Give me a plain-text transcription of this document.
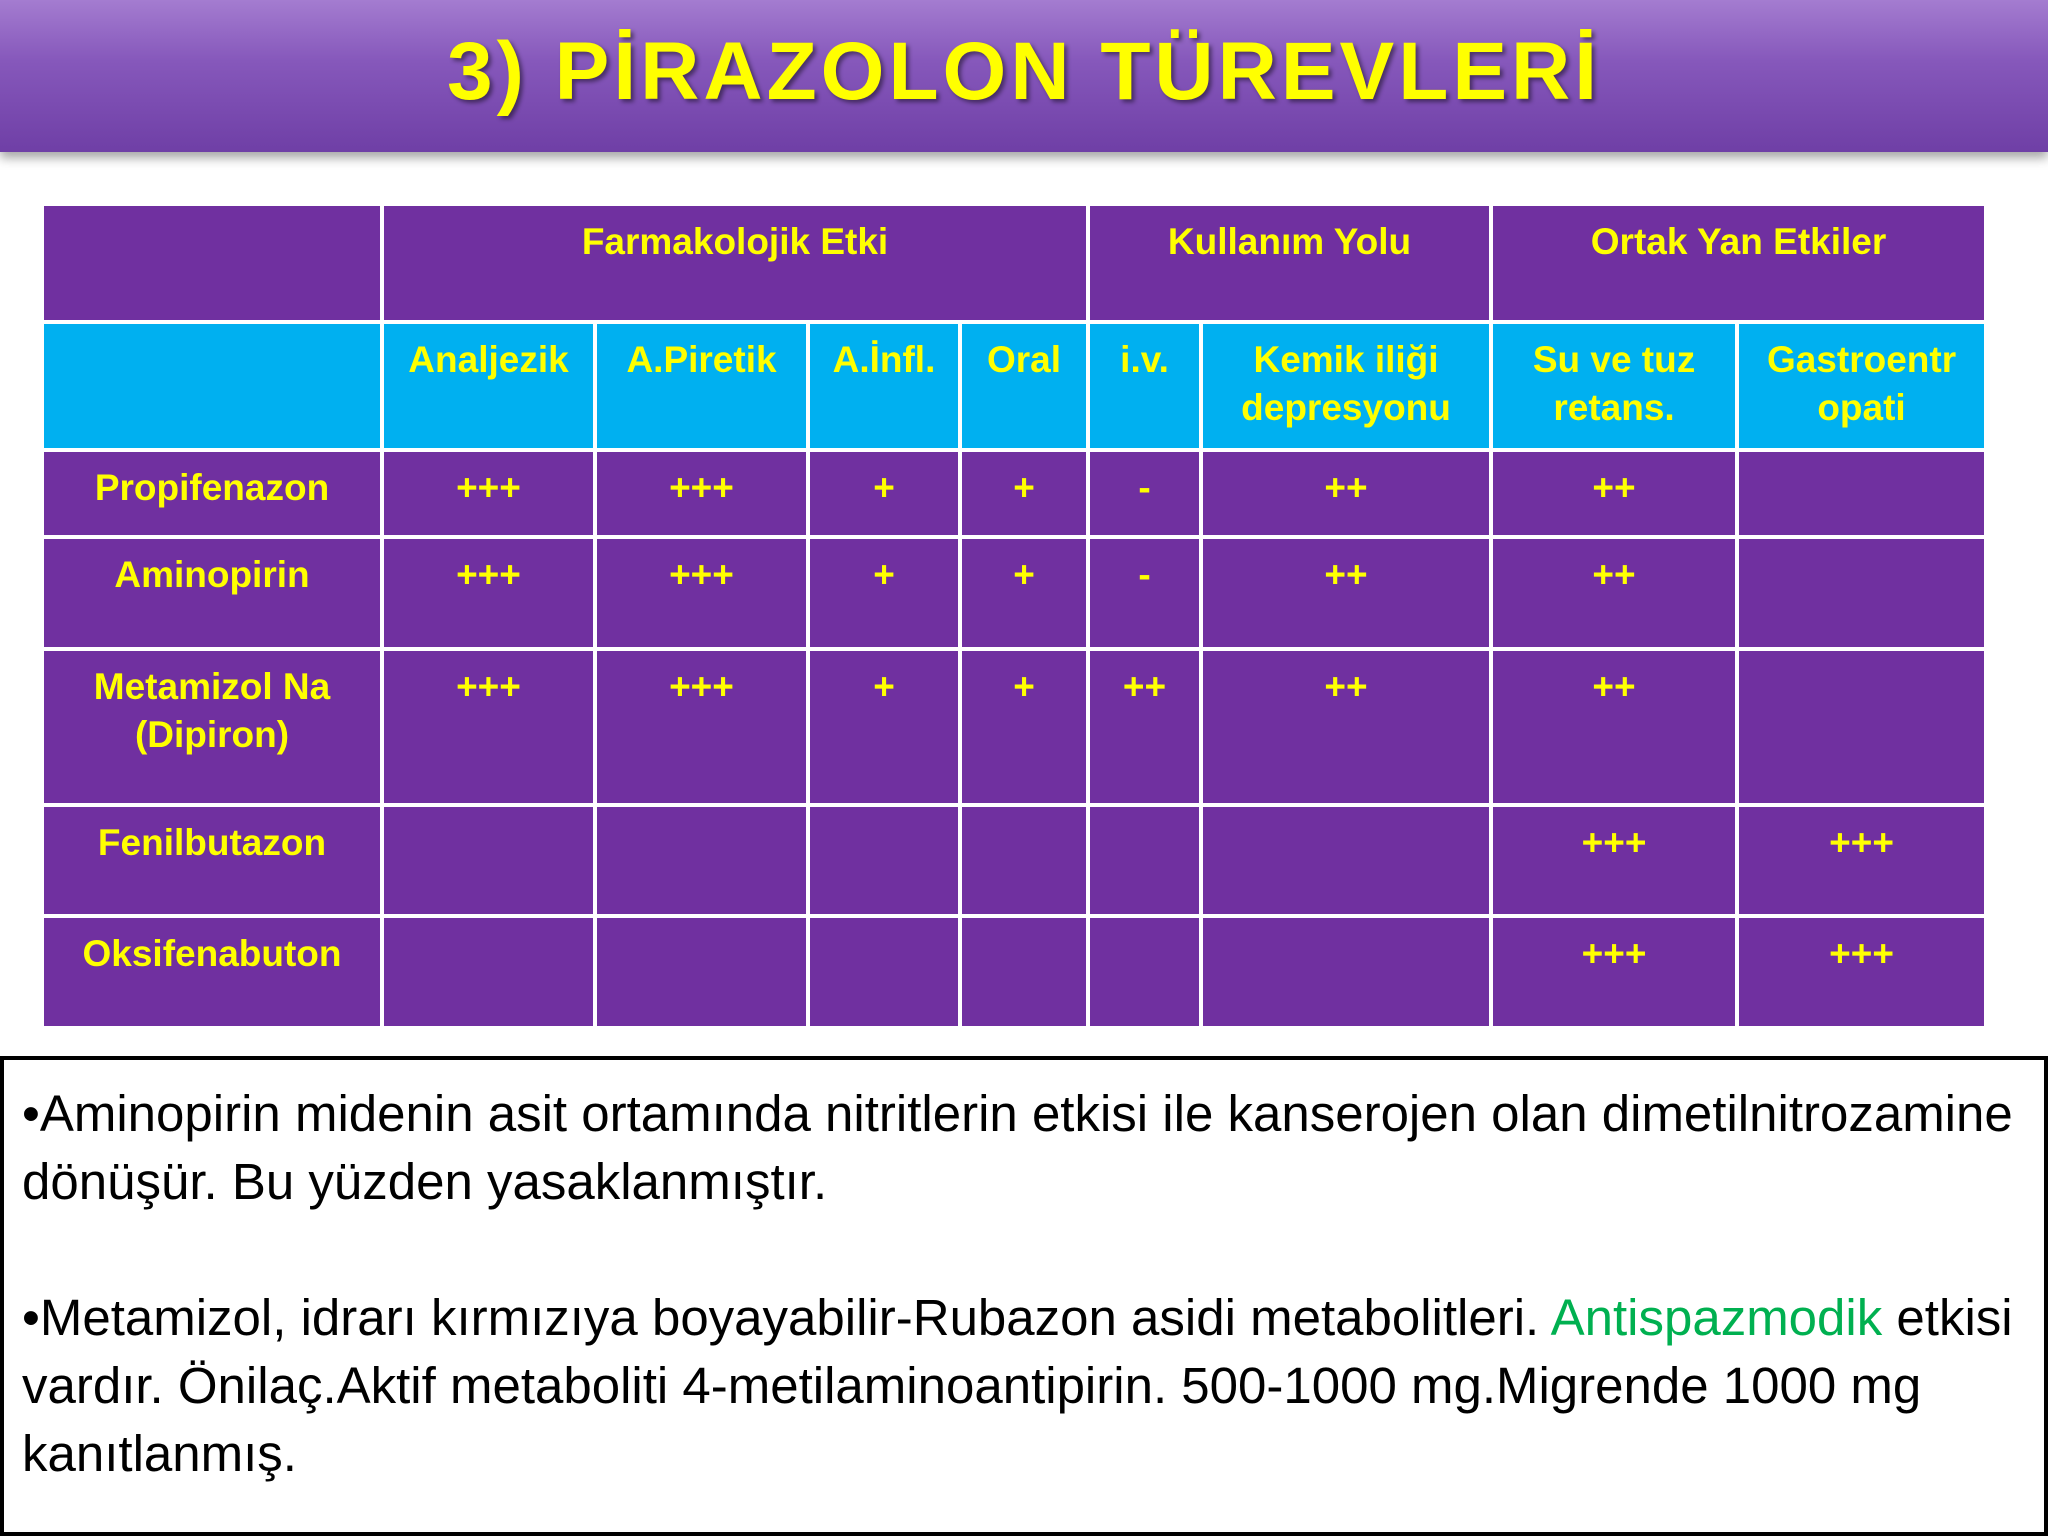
3) PİRAZOLON TÜREVLERİ
	Farmakolojik Etki				Kullanım Yolu		Ortak Yan Etkiler	
	Analjezik	A.Piretik	A.İnfl.	Oral	i.v.	Kemik iliği depresyonu	Su ve tuz retans.	Gastroentr opati
Propifenazon	+++	+++	+	+	-	++	++	
Aminopirin	+++	+++	+	+	-	++	++	
Metamizol Na (Dipiron)	+++	+++	+	+	++	++	++	
Fenilbutazon							+++	+++
Oksifenabuton							+++	+++

•Aminopirin midenin asit ortamında nitritlerin etkisi ile kanserojen olan dimetilnitrozamine dönüşür. Bu yüzden yasaklanmıştır.

•Metamizol, idrarı kırmızıya boyayabilir-Rubazon asidi metabolitleri. Antispazmodik etkisi vardır. Önilaç.Aktif metaboliti 4-metilaminoantipirin. 500-1000 mg.Migrende 1000 mg kanıtlanmış.
